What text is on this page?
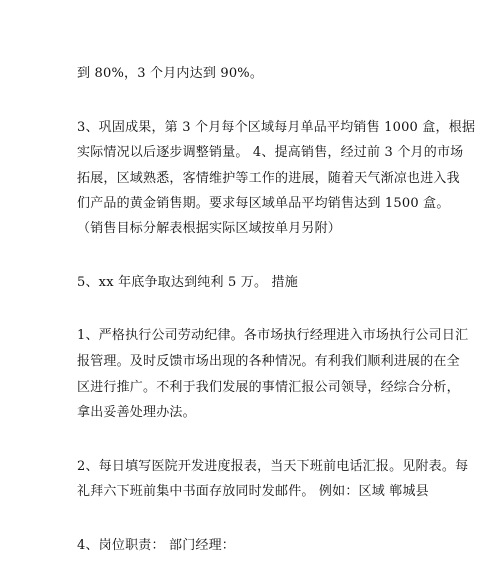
到 80%，3 个月内达到 90%。
3、巩固成果，第 3 个月每个区域每月单品平均销售 1000 盒，根据
实际情况以后逐步调整销量。 4、提高销售，经过前 3 个月的市场
拓展，区域熟悉，客情维护等工作的进展，随着天气渐凉也进入我
们产品的黄金销售期。要求每区域单品平均销售达到 1500 盒。
（销售目标分解表根据实际区域按单月另附）
5、xx 年底争取达到纯利 5 万。 措施
1、严格执行公司劳动纪律。各市场执行经理进入市场执行公司日汇
报管理。及时反馈市场出现的各种情况。有利我们顺利进展的在全
区进行推广。不利于我们发展的事情汇报公司领导，经综合分析，
拿出妥善处理办法。
2、每日填写医院开发进度报表，当天下班前电话汇报。见附表。每
礼拜六下班前集中书面存放同时发邮件。 例如：区域 郸城县
4、岗位职责： 部门经理：
